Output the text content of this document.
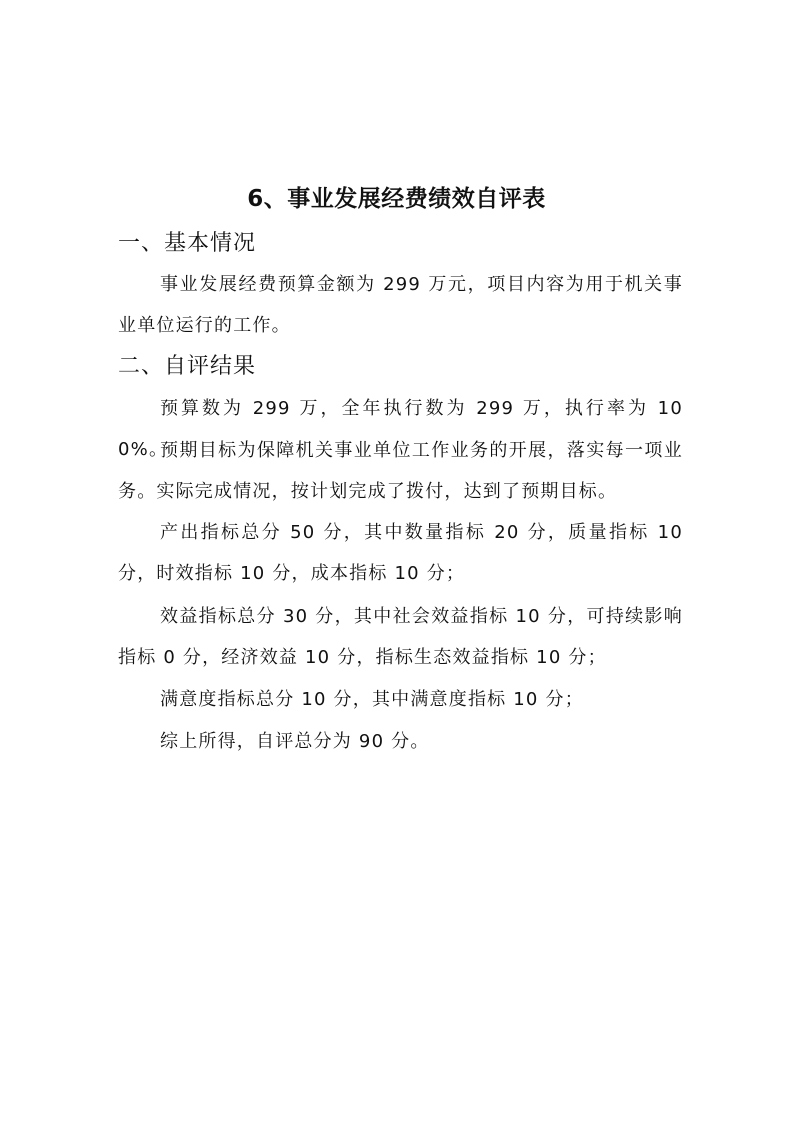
6、事业发展经费绩效自评表
一、基本情况

事业发展经费预算金额为 299 万元，项目内容为用于机关事业单位运行的工作。

二、自评结果

预算数为 299 万，全年执行数为 299 万，执行率为 100%。

预期目标为保障机关事业单位工作业务的开展，落实每一项业务。实际完成情况，按计划完成了拨付，达到了预期目标。

产出指标总分 50 分，其中数量指标 20 分，质量指标 10 分，时效指标 10 分，成本指标 10 分；

效益指标总分 30 分，其中社会效益指标 10 分，可持续影响指标 0 分，经济效益 10 分，指标生态效益指标 10 分；

满意度指标总分 10 分，其中满意度指标 10 分；

综上所得，自评总分为 90 分。
